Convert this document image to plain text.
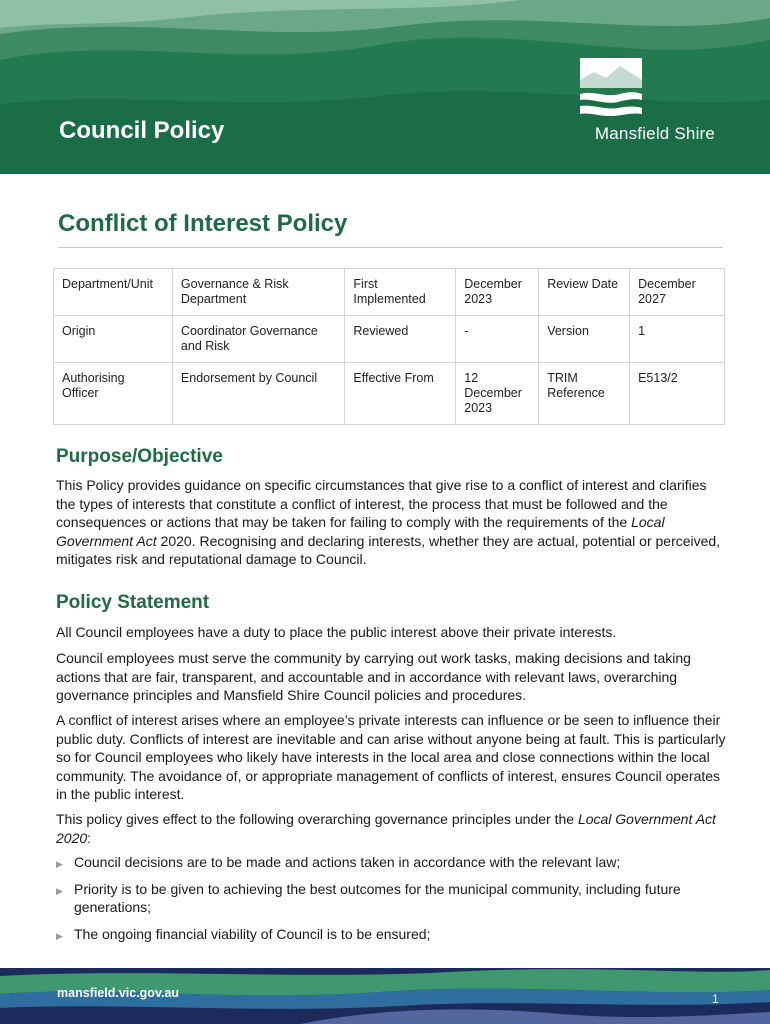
Council Policy	Mansfield Shire
Conflict of Interest Policy
Department/Unit	Governance & Risk Department	First Implemented	December 2023	Review Date	December 2027
Origin	Coordinator Governance and Risk	Reviewed	-	Version	1
Authorising Officer	Endorsement by Council	Effective From	12 December 2023	TRIM Reference	E513/2
Purpose/Objective

This Policy provides guidance on specific circumstances that give rise to a conflict of interest and clarifies the types of interests that constitute a conflict of interest, the process that must be followed and the consequences or actions that may be taken for failing to comply with the requirements of the Local Government Act 2020. Recognising and declaring interests, whether they are actual, potential or perceived, mitigates risk and reputational damage to Council.

Policy Statement

All Council employees have a duty to place the public interest above their private interests.

Council employees must serve the community by carrying out work tasks, making decisions and taking actions that are fair, transparent, and accountable and in accordance with relevant laws, overarching governance principles and Mansfield Shire Council policies and procedures.

A conflict of interest arises where an employee’s private interests can influence or be seen to influence their public duty. Conflicts of interest are inevitable and can arise without anyone being at fault. This is particularly so for Council employees who likely have interests in the local area and close connections within the local community. The avoidance of, or appropriate management of conflicts of interest, ensures Council operates in the public interest.

This policy gives effect to the following overarching governance principles under the Local Government Act 2020:

▶ Council decisions are to be made and actions taken in accordance with the relevant law;
▶ Priority is to be given to achieving the best outcomes for the municipal community, including future generations;
▶ The ongoing financial viability of Council is to be ensured;
mansfield.vic.gov.au	1
